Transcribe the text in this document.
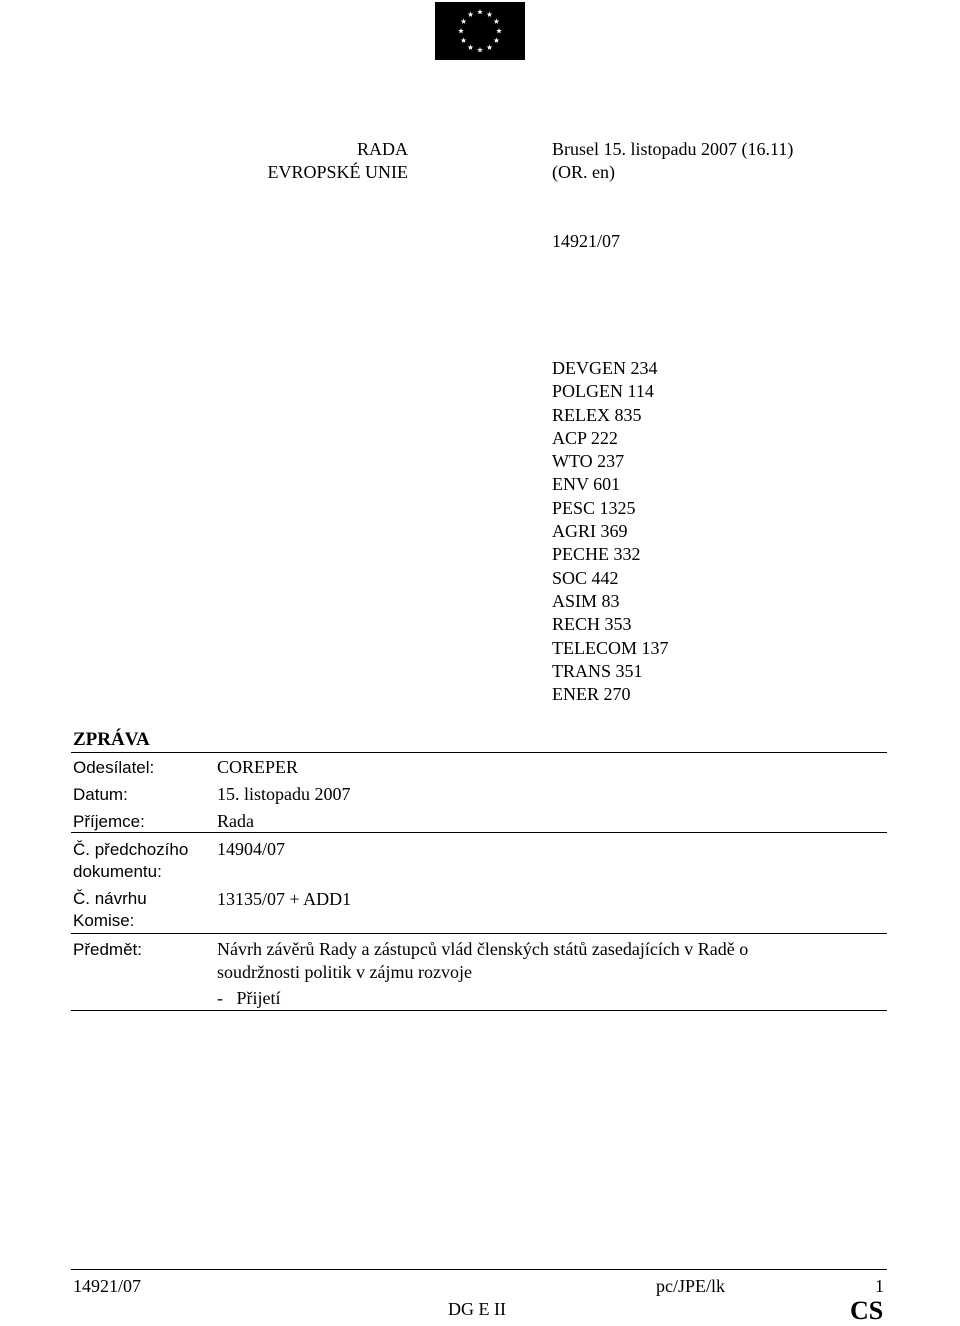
RADA
EVROPSKÉ UNIE
Brusel 15. listopadu 2007 (16.11)
(OR. en)
14921/07
DEVGEN 234
POLGEN 114
RELEX 835
ACP 222
WTO 237
ENV 601
PESC 1325
AGRI 369
PECHE 332
SOC 442
ASIM 83
RECH 353
TELECOM 137
TRANS 351
ENER 270
ZPRÁVA
Odesílatel:	COREPER
Datum:	15. listopadu 2007
Příjemce:	Rada
Č. předchozího
dokumentu:
14904/07
Č. návrhu
Komise:
13135/07 + ADD1
Předmět:	Návrh závěrů Rady a zástupců vlád členských států zasedajících v Radě o
soudržnosti politik v zájmu rozvoje
-   Přijetí
14921/07	pc/JPE/lk	1
DG E II	CS
